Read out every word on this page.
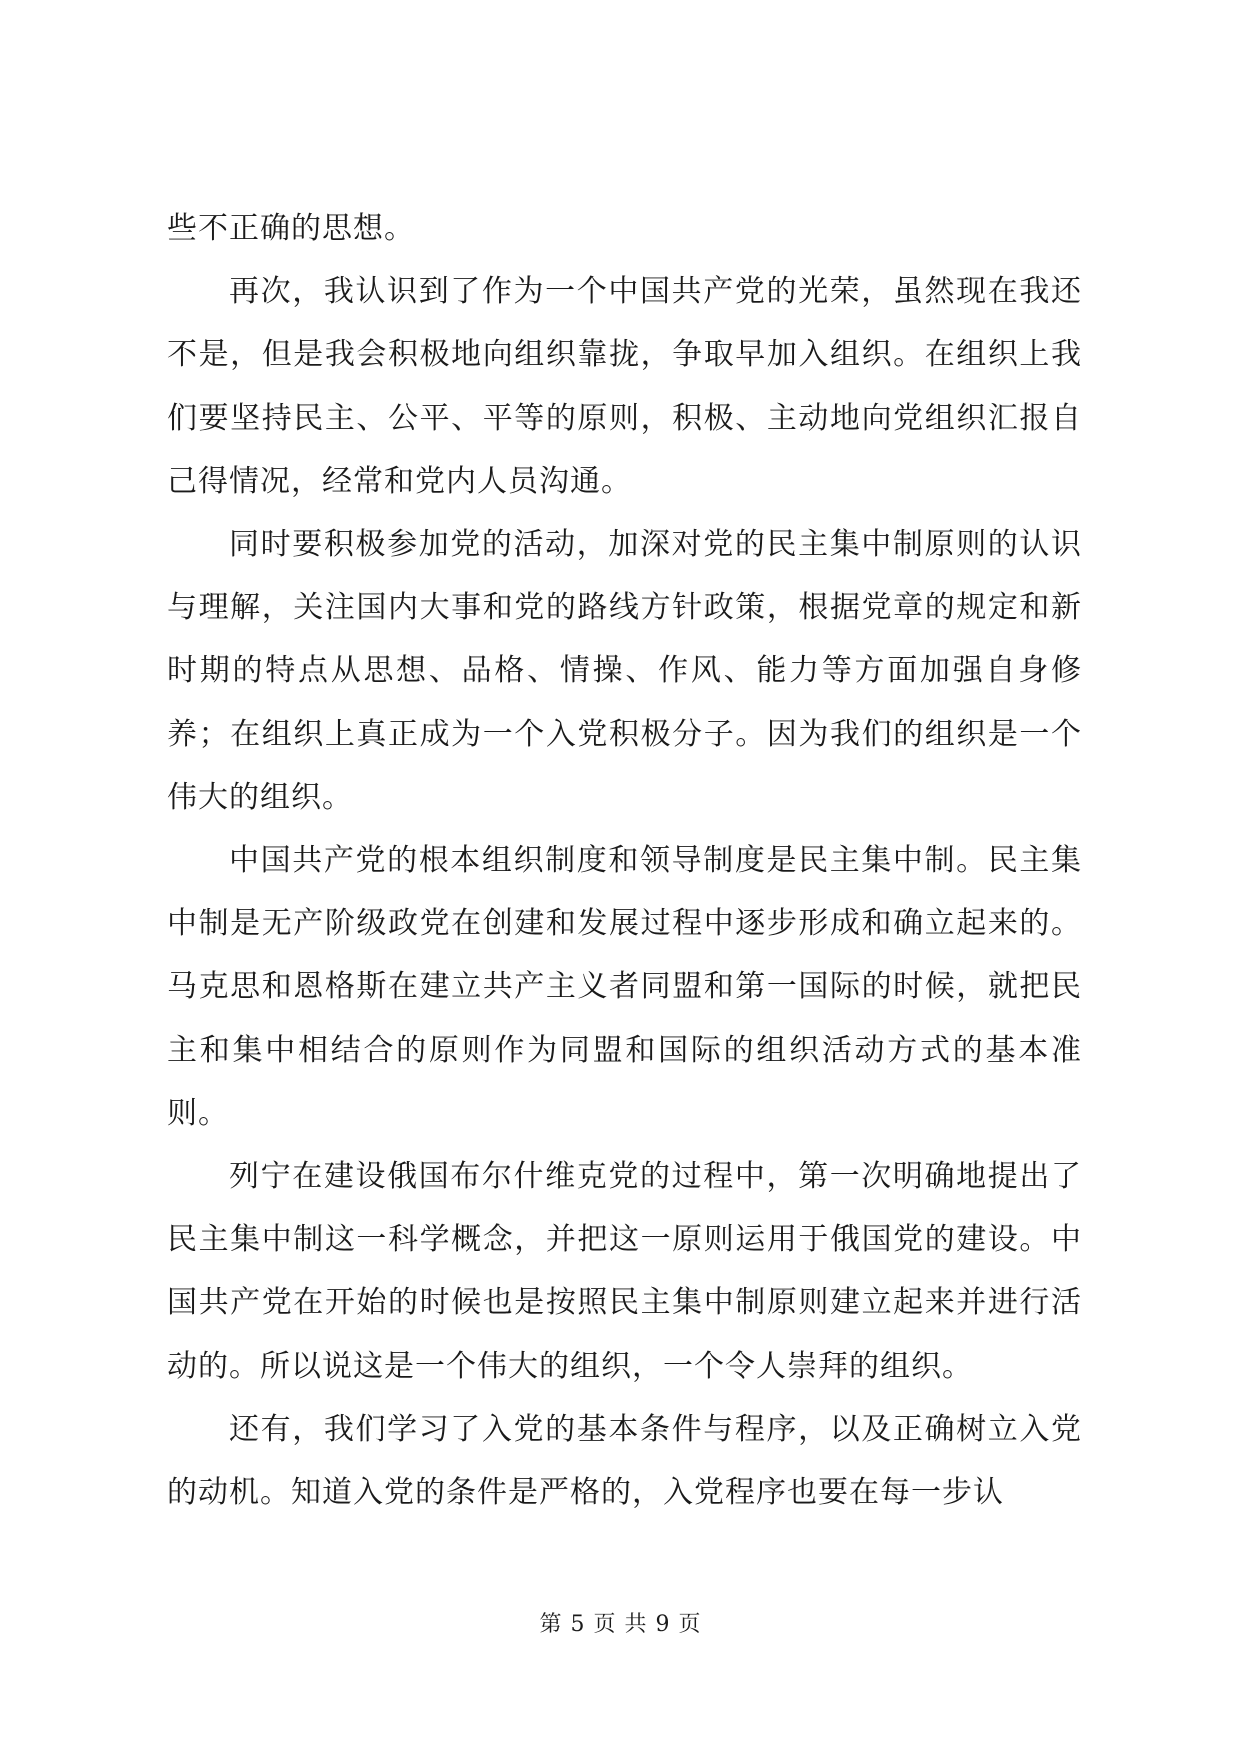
些不正确的思想。

再次，我认识到了作为一个中国共产党的光荣，虽然现在我还不是，但是我会积极地向组织靠拢，争取早加入组织。在组织上我们要坚持民主、公平、平等的原则，积极、主动地向党组织汇报自己得情况，经常和党内人员沟通。

同时要积极参加党的活动，加深对党的民主集中制原则的认识与理解，关注国内大事和党的路线方针政策，根据党章的规定和新时期的特点从思想、品格、情操、作风、能力等方面加强自身修养；在组织上真正成为一个入党积极分子。因为我们的组织是一个伟大的组织。

中国共产党的根本组织制度和领导制度是民主集中制。民主集中制是无产阶级政党在创建和发展过程中逐步形成和确立起来的。马克思和恩格斯在建立共产主义者同盟和第一国际的时候，就把民主和集中相结合的原则作为同盟和国际的组织活动方式的基本准则。

列宁在建设俄国布尔什维克党的过程中，第一次明确地提出了民主集中制这一科学概念，并把这一原则运用于俄国党的建设。中国共产党在开始的时候也是按照民主集中制原则建立起来并进行活动的。所以说这是一个伟大的组织，一个令人崇拜的组织。

还有，我们学习了入党的基本条件与程序，以及正确树立入党的动机。知道入党的条件是严格的，入党程序也要在每一步认

第 5 页 共 9 页
